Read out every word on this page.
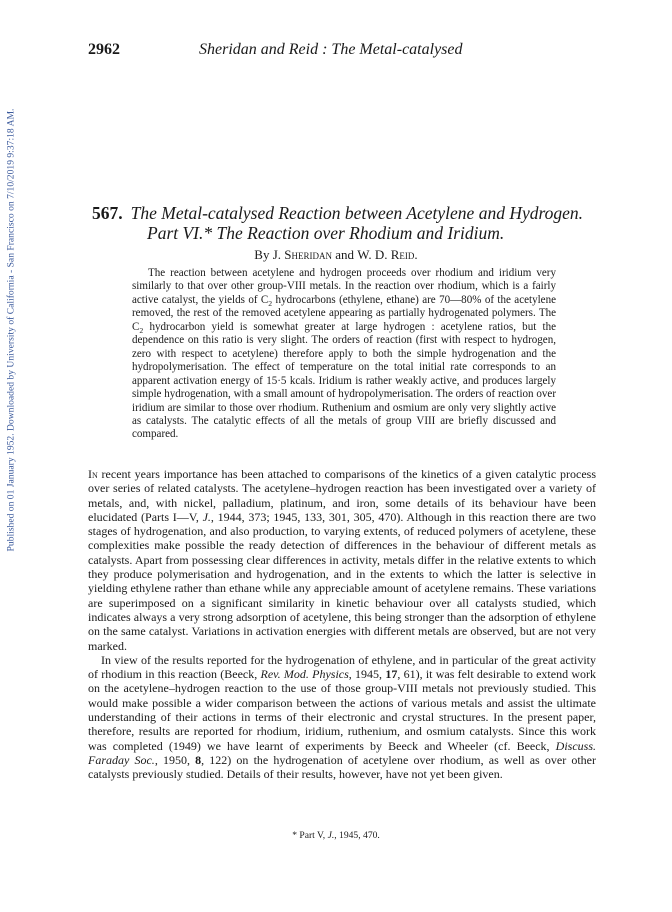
Published on 01 January 1952. Downloaded by University of California - San Francisco on 7/10/2019 9:37:18 AM.
2962	Sheridan and Reid : The Metal-catalysed
567. The Metal-catalysed Reaction between Acetylene and Hydrogen.
Part VI.* The Reaction over Rhodium and Iridium.
By J. Sheridan and W. D. Reid.

The reaction between acetylene and hydrogen proceeds over rhodium and iridium very similarly to that over other group-VIII metals. In the reaction over rhodium, which is a fairly active catalyst, the yields of $C_2$ hydrocarbons (ethylene, ethane) are 70—80% of the acetylene removed, the rest of the removed acetylene appearing as partially hydrogenated polymers. The $C_2$ hydrocarbon yield is somewhat greater at large hydrogen : acetylene ratios, but the dependence on this ratio is very slight. The orders of reaction (first with respect to hydrogen, zero with respect to acetylene) therefore apply to both the simple hydrogenation and the hydropolymerisation. The effect of temperature on the total initial rate corresponds to an apparent activation energy of 15·5 kcals. Iridium is rather weakly active, and produces largely simple hydrogenation, with a small amount of hydropolymerisation. The orders of reaction over iridium are similar to those over rhodium. Ruthenium and osmium are only very slightly active as catalysts. The catalytic effects of all the metals of group VIII are briefly discussed and compared.

In recent years importance has been attached to comparisons of the kinetics of a given catalytic process over series of related catalysts. The acetylene–hydrogen reaction has been investigated over a variety of metals, and, with nickel, palladium, platinum, and iron, some details of its behaviour have been elucidated (Parts I—V, J., 1944, 373; 1945, 133, 301, 305, 470). Although in this reaction there are two stages of hydrogenation, and also production, to varying extents, of reduced polymers of acetylene, these complexities make possible the ready detection of differences in the behaviour of different metals as catalysts. Apart from possessing clear differences in activity, metals differ in the relative extents to which they produce polymerisation and hydrogenation, and in the extents to which the latter is selective in yielding ethylene rather than ethane while any appreciable amount of acetylene remains. These variations are superimposed on a significant similarity in kinetic behaviour over all catalysts studied, which indicates always a very strong adsorption of acetylene, this being stronger than the adsorption of ethylene on the same catalyst. Variations in activation energies with different metals are observed, but are not very marked.

In view of the results reported for the hydrogenation of ethylene, and in particular of the great activity of rhodium in this reaction (Beeck, Rev. Mod. Physics, 1945, 17, 61), it was felt desirable to extend work on the acetylene–hydrogen reaction to the use of those group-VIII metals not previously studied. This would make possible a wider comparison between the actions of various metals and assist the ultimate understanding of their actions in terms of their electronic and crystal structures. In the present paper, therefore, results are reported for rhodium, iridium, ruthenium, and osmium catalysts. Since this work was completed (1949) we have learnt of experiments by Beeck and Wheeler (cf. Beeck, Discuss. Faraday Soc., 1950, 8, 122) on the hydrogenation of acetylene over rhodium, as well as over other catalysts previously studied. Details of their results, however, have not yet been given.

* Part V, J., 1945, 470.
